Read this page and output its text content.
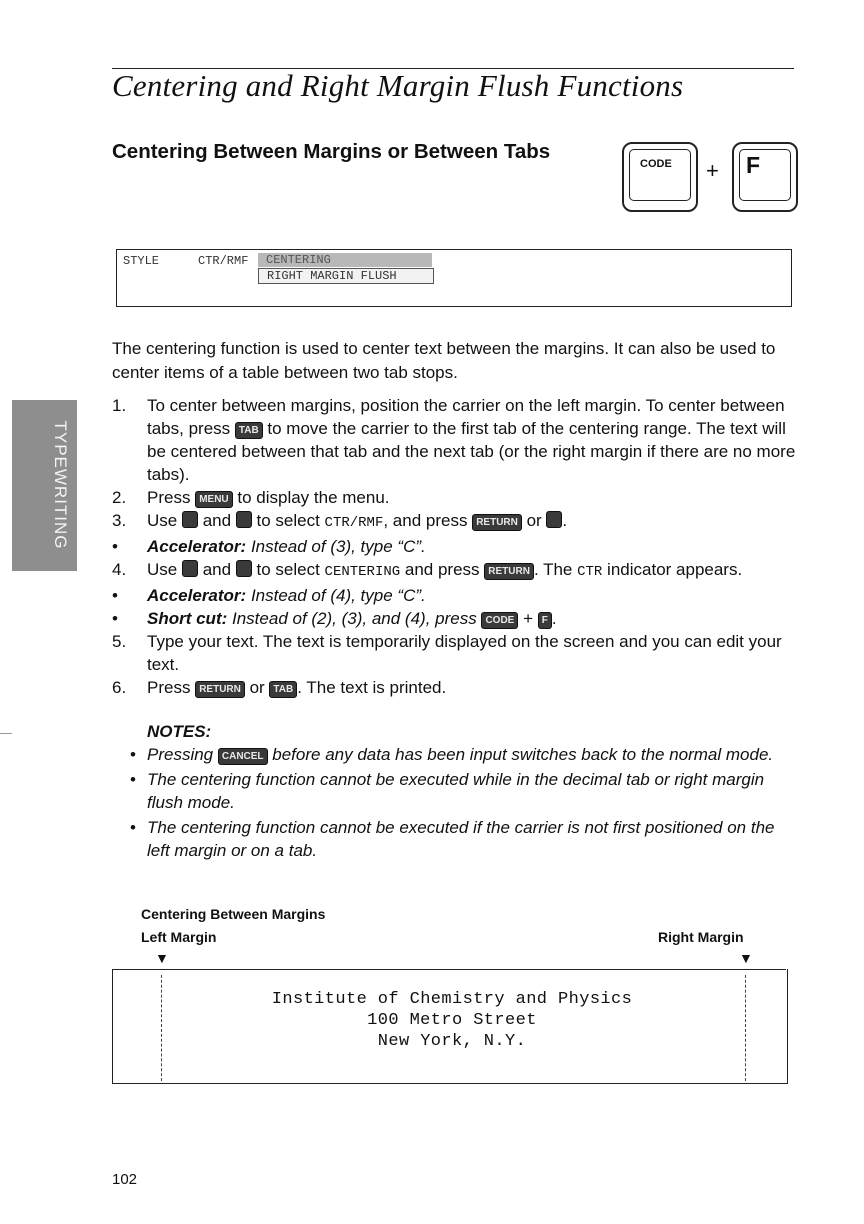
Centering and Right Margin Flush Functions
Centering Between Margins or Between Tabs
CODE + F
STYLE	CTR/RMF CENTERING
RIGHT MARGIN FLUSH
The centering function is used to center text between the margins. It can also be used to center items of a table between two tab stops.
1. To center between margins, position the carrier on the left margin. To center between tabs, press TAB to move the carrier to the first tab of the centering range. The text will be centered between that tab and the next tab (or the right margin if there are no more tabs).
2. Press MENU to display the menu.
3. Use  and  to select CTR/RMF, and press RETURN or .
• Accelerator: Instead of (3), type “C”.
4. Use  and  to select CENTERING and press RETURN . The CTR indicator appears.
• Accelerator: Instead of (4), type “C”.
• Short cut: Instead of (2), (3), and (4), press CODE + F .
5. Type your text. The text is temporarily displayed on the screen and you can edit your text.
6. Press RETURN or TAB . The text is printed.
NOTES:
• Pressing CANCEL before any data has been input switches back to the normal mode.
• The centering function cannot be executed while in the decimal tab or right margin flush mode.
• The centering function cannot be executed if the carrier is not first positioned on the left margin or on a tab.
Centering Between Margins
Left Margin	Right Margin
▼	▼
Institute of Chemistry and Physics
100 Metro Street
New York, N.Y.
TYPEWRITING
102
